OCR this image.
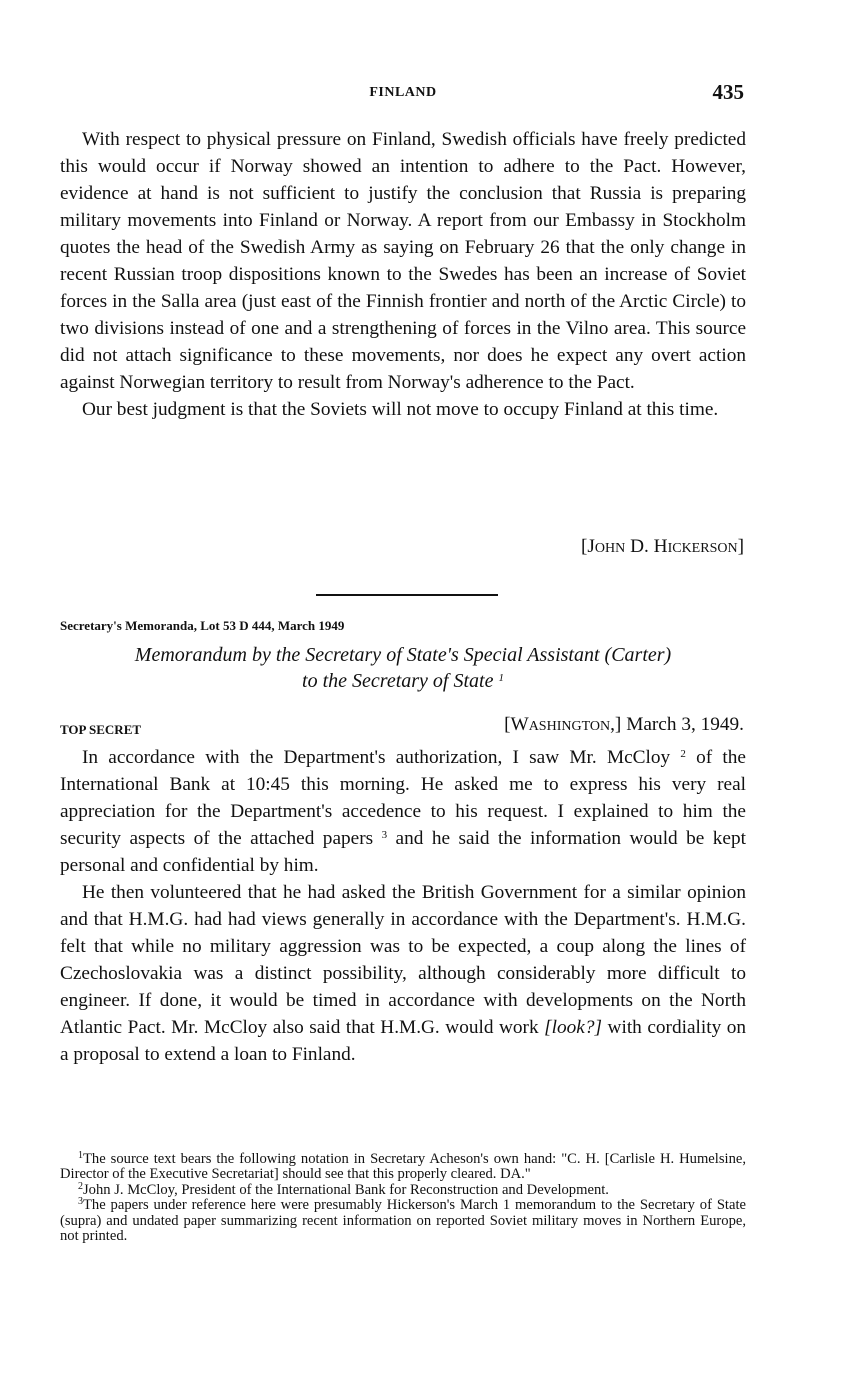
FINLAND	435

With respect to physical pressure on Finland, Swedish officials have freely predicted this would occur if Norway showed an intention to adhere to the Pact. However, evidence at hand is not sufficient to justify the conclusion that Russia is preparing military movements into Finland or Norway. A report from our Embassy in Stockholm quotes the head of the Swedish Army as saying on February 26 that the only change in recent Russian troop dispositions known to the Swedes has been an increase of Soviet forces in the Salla area (just east of the Finnish frontier and north of the Arctic Circle) to two divisions instead of one and a strengthening of forces in the Vilno area. This source did not attach significance to these movements, nor does he expect any overt action against Norwegian territory to result from Norway's adherence to the Pact.

Our best judgment is that the Soviets will not move to occupy Finland at this time.

[John D. Hickerson]
Secretary's Memoranda, Lot 53 D 444, March 1949
Memorandum by the Secretary of State's Special Assistant (Carter)
to the Secretary of State $^1$
TOP SECRET	[Washington,] March 3, 1949.

In accordance with the Department's authorization, I saw Mr. McCloy $^2$ of the International Bank at 10:45 this morning. He asked me to express his very real appreciation for the Department's accedence to his request. I explained to him the security aspects of the attached papers $^3$ and he said the information would be kept personal and confidential by him.

He then volunteered that he had asked the British Government for a similar opinion and that H.M.G. had had views generally in accordance with the Department's. H.M.G. felt that while no military aggression was to be expected, a coup along the lines of Czechoslovakia was a distinct possibility, although considerably more difficult to engineer. If done, it would be timed in accordance with developments on the North Atlantic Pact. Mr. McCloy also said that H.M.G. would work [look?] with cordiality on a proposal to extend a loan to Finland.

$^1$The source text bears the following notation in Secretary Acheson's own hand: "C. H. [Carlisle H. Humelsine, Director of the Executive Secretariat] should see that this properly cleared. DA."

$^2$John J. McCloy, President of the International Bank for Reconstruction and Development.

$^3$The papers under reference here were presumably Hickerson's March 1 memorandum to the Secretary of State (supra) and undated paper summarizing recent information on reported Soviet military moves in Northern Europe, not printed.
